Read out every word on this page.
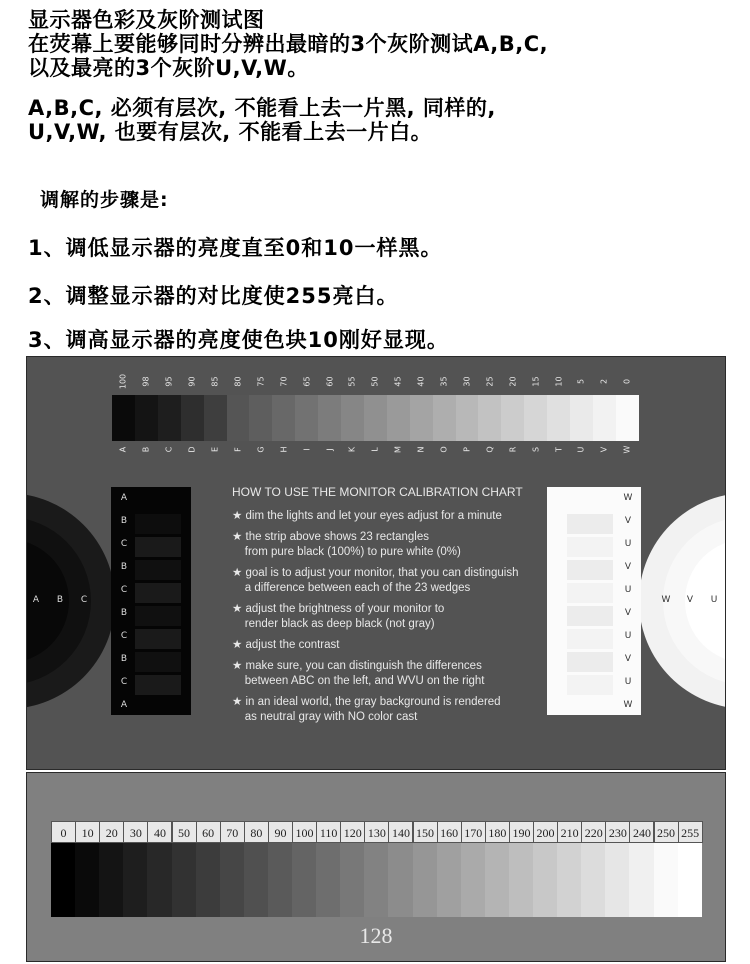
显示器色彩及灰阶测试图
在荧幕上要能够同时分辨出最暗的3个灰阶测试A,B,C,
以及最亮的3个灰阶U,V,W。
A,B,C, 必须有层次, 不能看上去一片黑, 同样的,
U,V,W, 也要有层次, 不能看上去一片白。
调解的步骤是:
1、调低显示器的亮度直至0和10一样黑。
2、调整显示器的对比度使255亮白。
3、调高显示器的亮度使色块10刚好显现。
100
A
98
B
95
C
90
D
85
E
80
F
75
G
70
H
65
I
60
J
55
K
50
L
45
M
40
N
35
O
30
P
25
Q
20
R
15
S
10
T
5
U
2
V
0
W
A
B
C
B
C
B
C
B
C
A
W
V
U
V
U
V
U
V
U
W
A	B	C	W	V	U
HOW TO USE THE MONITOR CALIBRATION CHART
★ dim the lights and let your eyes adjust for a minute
★ the strip above shows 23 rectangles
from pure black (100%) to pure white (0%)
★ goal is to adjust your monitor, that you can distinguish
a difference between each of the 23 wedges
★ adjust the brightness of your monitor to
render black as deep black (not gray)
★ adjust the contrast
★ make sure, you can distinguish the differences
between ABC on the left, and WVU on the right
★ in an ideal world, the gray background is rendered
as neutral gray with NO color cast
0	10	20	30	40	50	60	70	80	90 100 110 120 130 140 150 160 170 180 190 200 210 220 230 240 250 255
128
